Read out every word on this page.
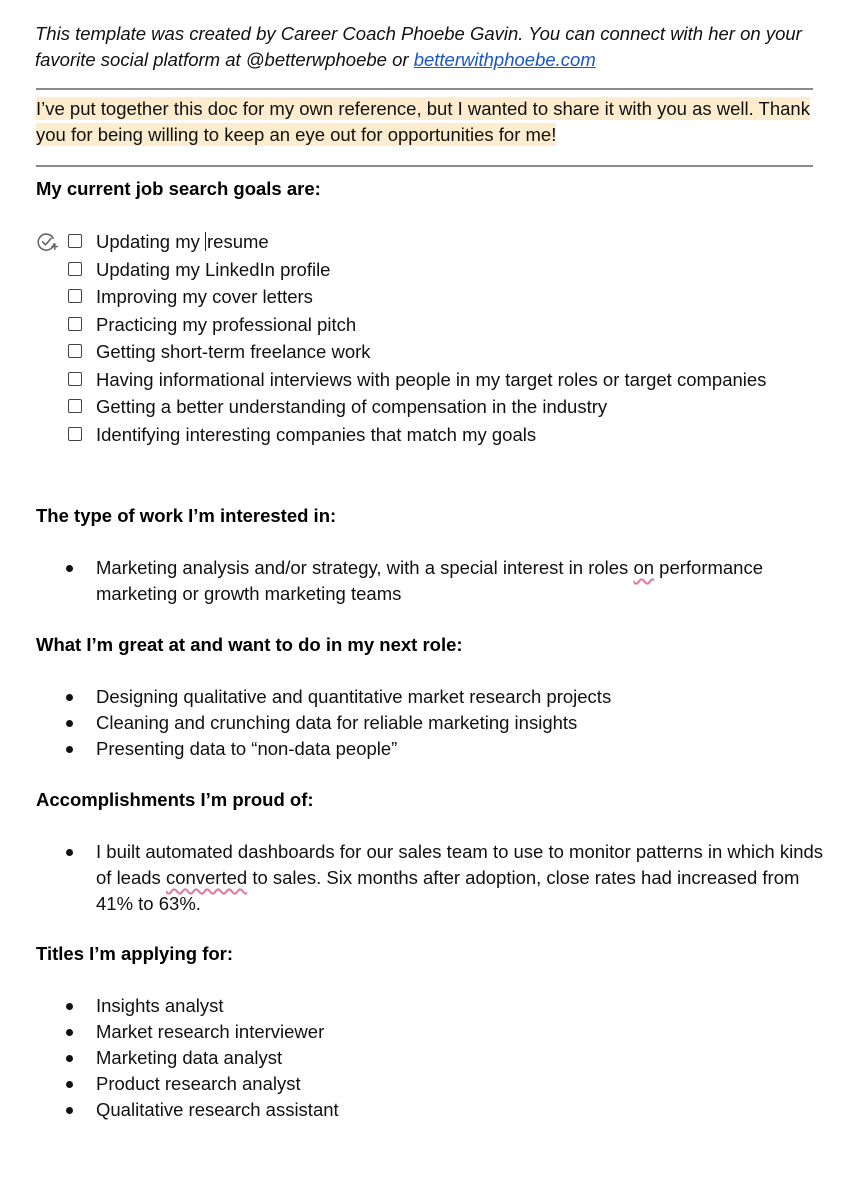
This template was created by Career Coach Phoebe Gavin. You can connect with her on your favorite social platform at @betterwphoebe or betterwithphoebe.com
I’ve put together this doc for my own reference, but I wanted to share it with you as well. Thank you for being willing to keep an eye out for opportunities for me!
My current job search goals are:
Updating my resume
Updating my LinkedIn profile
Improving my cover letters
Practicing my professional pitch
Getting short-term freelance work
Having informational interviews with people in my target roles or target companies
Getting a better understanding of compensation in the industry
Identifying interesting companies that match my goals
The type of work I’m interested in:
Marketing analysis and/or strategy, with a special interest in roles on performance marketing or growth marketing teams
What I’m great at and want to do in my next role:
Designing qualitative and quantitative market research projects
Cleaning and crunching data for reliable marketing insights
Presenting data to “non-data people”
Accomplishments I’m proud of:
I built automated dashboards for our sales team to use to monitor patterns in which kinds of leads converted to sales. Six months after adoption, close rates had increased from 41% to 63%.
Titles I’m applying for:
Insights analyst
Market research interviewer
Marketing data analyst
Product research analyst
Qualitative research assistant
